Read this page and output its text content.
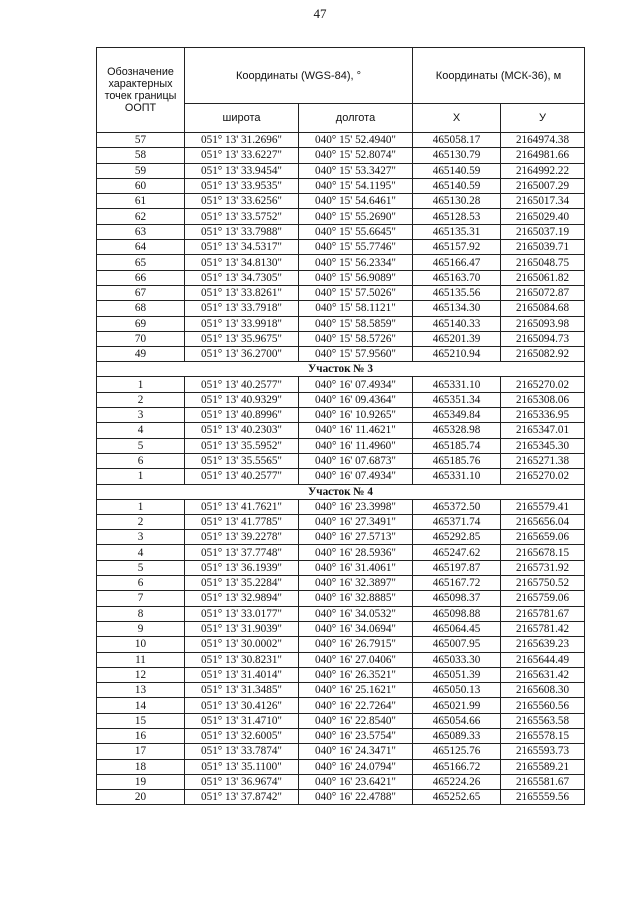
47
Обозначение характерных точек границы ООПТ	Координаты (WGS-84), °		Координаты (МСК-36), м	
	широта	долгота	X	У
57	051° 13' 31.2696"	040° 15' 52.4940"	465058.17	2164974.38
58	051° 13' 33.6227"	040° 15' 52.8074"	465130.79	2164981.66
59	051° 13' 33.9454"	040° 15' 53.3427"	465140.59	2164992.22
60	051° 13' 33.9535"	040° 15' 54.1195"	465140.59	2165007.29
61	051° 13' 33.6256"	040° 15' 54.6461"	465130.28	2165017.34
62	051° 13' 33.5752"	040° 15' 55.2690"	465128.53	2165029.40
63	051° 13' 33.7988"	040° 15' 55.6645"	465135.31	2165037.19
64	051° 13' 34.5317"	040° 15' 55.7746"	465157.92	2165039.71
65	051° 13' 34.8130"	040° 15' 56.2334"	465166.47	2165048.75
66	051° 13' 34.7305"	040° 15' 56.9089"	465163.70	2165061.82
67	051° 13' 33.8261"	040° 15' 57.5026"	465135.56	2165072.87
68	051° 13' 33.7918"	040° 15' 58.1121"	465134.30	2165084.68
69	051° 13' 33.9918"	040° 15' 58.5859"	465140.33	2165093.98
70	051° 13' 35.9675"	040° 15' 58.5726"	465201.39	2165094.73
49	051° 13' 36.2700"	040° 15' 57.9560"	465210.94	2165082.92
Участок № 3				
1	051° 13' 40.2577"	040° 16' 07.4934"	465331.10	2165270.02
2	051° 13' 40.9329"	040° 16' 09.4364"	465351.34	2165308.06
3	051° 13' 40.8996"	040° 16' 10.9265"	465349.84	2165336.95
4	051° 13' 40.2303"	040° 16' 11.4621"	465328.98	2165347.01
5	051° 13' 35.5952"	040° 16' 11.4960"	465185.74	2165345.30
6	051° 13' 35.5565"	040° 16' 07.6873"	465185.76	2165271.38
1	051° 13' 40.2577"	040° 16' 07.4934"	465331.10	2165270.02
Участок № 4				
1	051° 13' 41.7621"	040° 16' 23.3998"	465372.50	2165579.41
2	051° 13' 41.7785"	040° 16' 27.3491"	465371.74	2165656.04
3	051° 13' 39.2278"	040° 16' 27.5713"	465292.85	2165659.06
4	051° 13' 37.7748"	040° 16' 28.5936"	465247.62	2165678.15
5	051° 13' 36.1939"	040° 16' 31.4061"	465197.87	2165731.92
6	051° 13' 35.2284"	040° 16' 32.3897"	465167.72	2165750.52
7	051° 13' 32.9894"	040° 16' 32.8885"	465098.37	2165759.06
8	051° 13' 33.0177"	040° 16' 34.0532"	465098.88	2165781.67
9	051° 13' 31.9039"	040° 16' 34.0694"	465064.45	2165781.42
10	051° 13' 30.0002"	040° 16' 26.7915"	465007.95	2165639.23
11	051° 13' 30.8231"	040° 16' 27.0406"	465033.30	2165644.49
12	051° 13' 31.4014"	040° 16' 26.3521"	465051.39	2165631.42
13	051° 13' 31.3485"	040° 16' 25.1621"	465050.13	2165608.30
14	051° 13' 30.4126"	040° 16' 22.7264"	465021.99	2165560.56
15	051° 13' 31.4710"	040° 16' 22.8540"	465054.66	2165563.58
16	051° 13' 32.6005"	040° 16' 23.5754"	465089.33	2165578.15
17	051° 13' 33.7874"	040° 16' 24.3471"	465125.76	2165593.73
18	051° 13' 35.1100"	040° 16' 24.0794"	465166.72	2165589.21
19	051° 13' 36.9674"	040° 16' 23.6421"	465224.26	2165581.67
20	051° 13' 37.8742"	040° 16' 22.4788"	465252.65	2165559.56
